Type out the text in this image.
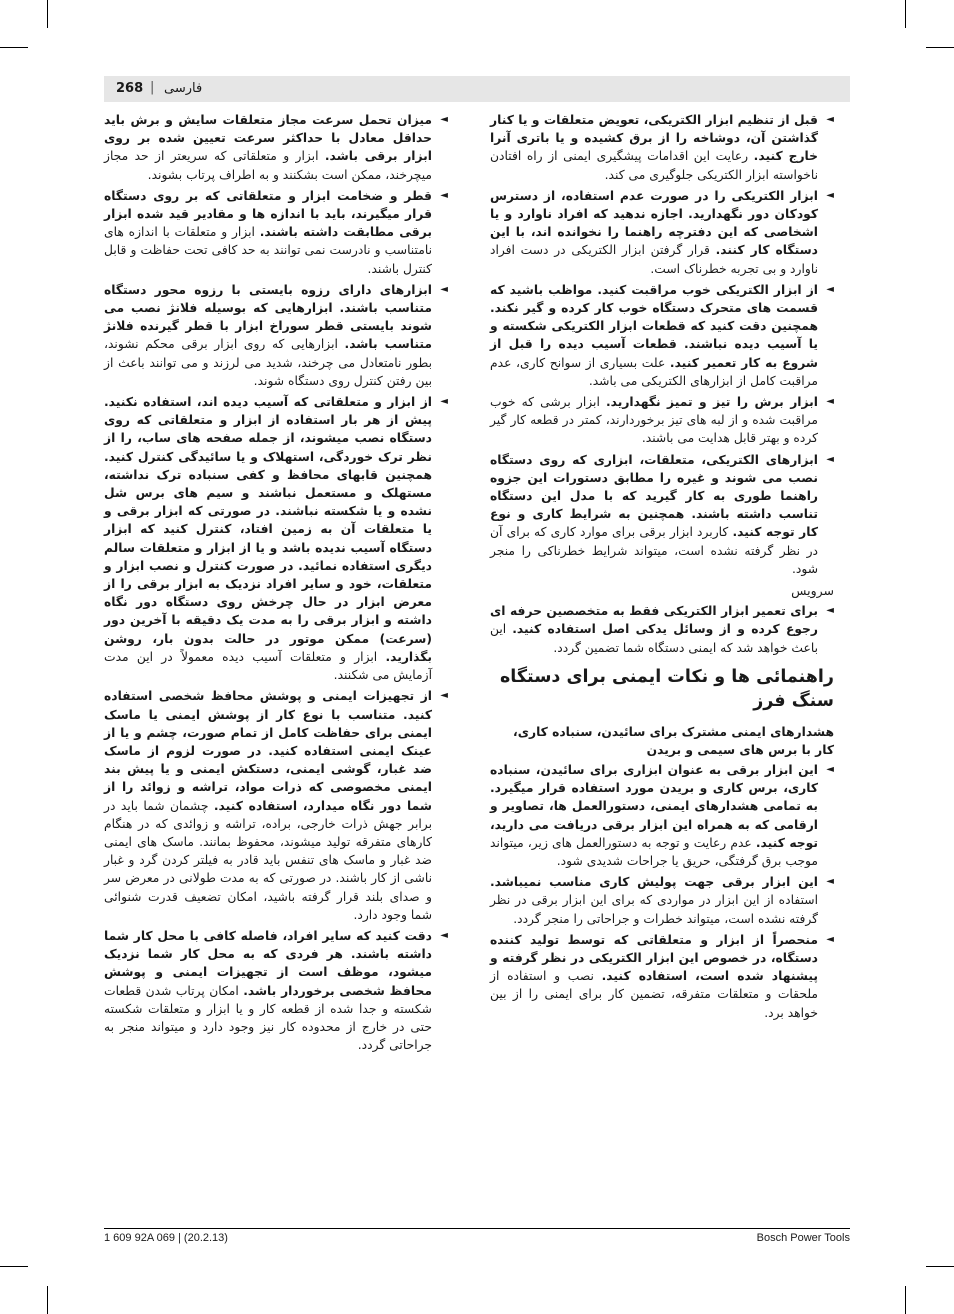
268 | فارسی
◄
قبل از تنظیم ابزار الکتریکی، تعویض متعلقات و یا کنار گذاشتن آن، دوشاخه را از برق کشیده و یا باتری آنرا خارج کنید. رعایت این اقدامات پیشگیری ایمنی از راه افتادن ناخواسته ابزار الکتریکی جلوگیری می کند.
◄
ابزار الکتریکی را در صورت عدم استفاده، از دسترس کودکان دور نگهدارید. اجازه ندهید که افراد ناوارد و یا اشخاصی که این دفترچه راهنما را نخوانده اند، با این دستگاه کار کنند. قرار گرفتن ابزار الکتریکی در دست افراد ناوارد و بی تجربه خطرناک است.
◄
از ابزار الکتریکی خوب مراقبت کنید. مواظب باشید که قسمت های متحرک دستگاه خوب کار کرده و گیر نکند. همچنین دقت کنید که قطعات ابزار الکتریکی شکسته و یا آسیب دیده نباشند. قطعات آسیب دیده را قبل از شروع به کار تعمیر کنید. علت بسیاری از سوانح کاری، عدم مراقبت کامل از ابزارهای الکتریکی می باشد.
◄
ابزار برش را تیز و تمیز نگهدارید. ابزار برشی که خوب مراقبت شده و از لبه های تیز برخوردارند، کمتر در قطعه کار گیر کرده و بهتر قابل هدایت می باشند.
◄
ابزارهای الکتریکی، متعلقات، ابزاری که روی دستگاه نصب می شوند و غیره را مطابق دستورات این جزوه راهنما طوری به کار گیرید که با مدل این دستگاه تناسب داشته باشند. همچنین به شرایط کاری و نوع کار توجه کنید. کاربرد ابزار برقی برای موارد کاری که برای آن در نظر گرفته نشده است، میتواند شرایط خطرناکی را منجر شود.
سرویس
◄
برای تعمیر ابزار الکتریکی فقط به متخصصین حرفه ای رجوع کرده و از وسائل یدکی اصل استفاده کنید. این باعث خواهد شد که ایمنی دستگاه شما تضمین گردد.
راهنمائی ها و نکات ایمنی برای دستگاه سنگ فرز
هشدارهای ایمنی مشترک برای سائیدن، سنباده کاری، کار با برس های سیمی و بریدن
◄
این ابزار برقی به عنوان ابزاری برای سائیدن، سنباده کاری، برس کاری و بریدن مورد استفاده قرار میگیرد. به تمامی هشدارهای ایمنی، دستورالعمل ها، تصاویر و ارقامی که به همراه این ابزار برقی دریافت می دارید، توجه کنید. عدم رعایت و توجه به دستورالعمل های زیر، میتواند موجب برق گرفتگی، حریق یا جراحات شدیدی شود.
◄
این ابزار برقی جهت پولیش کاری مناسب نمیباشد. استفاده از این ابزار در مواردی که برای این ابزار برقی در نظر گرفته نشده است، میتواند خطرات و جراحاتی را منجر گردد.
◄
منحصراً از ابزار و متعلقاتی که توسط تولید کننده دستگاه، در خصوص این ابزار الکتریکی در نظر گرفته و پیشنهاد شده است، استفاده کنید. نصب و استفاده از ملحقات و متعلقات متفرقه، تضمین کار برای ایمنی را از بین خواهد برد.
◄
میزان تحمل سرعت مجاز متعلقات سایش و برش باید حداقل معادل با حداکثر سرعت تعیین شده بر روی ابزار برقی باشد. ابزار و متعلقاتی که سریعتر از حد مجاز میچرخند، ممکن است بشکنند و به اطراف پرتاب بشوند.
◄
قطر و ضخامت ابزار و متعلقاتی که بر روی دستگاه قرار میگیرند، باید با اندازه ها و مقادیر قید شده ابزار برقی مطابقت داشته باشند. ابزار و متعلقات با اندازه های نامتناسب و نادرست نمی توانند به حد کافی تحت حفاظت و قابل کنترل باشند.
◄
ابزارهای دارای رزوه بایستی با رزوه محور دستگاه متناسب باشند. ابزارهایی که بوسیله فلانژ نصب می شوند بایستی قطر سوراخ ابزار با قطر گیرنده فلانژ متناسب باشد. ابزارهایی که روی ابزار برقی محکم نشوند، بطور نامتعادل می چرخند، شدید می لرزند و می توانند باعث از بین رفتن کنترل روی دستگاه شوند.
◄
از ابزار و متعلقاتی که آسیب دیده اند، استفاده نکنید. پیش از هر بار استفاده از ابزار و متعلقاتی که روی دستگاه نصب میشوند، از جمله صفحه های ساب، را از نظر ترک خوردگی، استهلاک و یا سائیدگی کنترل کنید. همچنین قابهای محافظ و کفی سنباده ترک نداشته، مستهلک و مستعمل نباشند و سیم های برس شل نشده و یا شکسته نباشند. در صورتی که ابزار برقی و یا متعلقات آن به زمین افتاد، کنترل کنید که ابزار دستگاه آسیب ندیده باشد و یا از ابزار و متعلقات سالم دیگری استفاده نمائید. در صورت کنترل و نصب ابزار و متعلقات، خود و سایر افراد نزدیک به ابزار برقی را از معرض ابزار در حال چرخش روی دستگاه دور نگاه داشته و ابزار برقی را به مدت یک دقیقه با آخرین دور (سرعت) ممکن موتور در حالت بدون بار، روشن بگذارید. ابزار و متعلقات آسیب دیده معمولاً در این مدت آزمایش می شکنند.
◄
از تجهیزات ایمنی و پوشش محافظ شخصی استفاده کنید. متناسب با نوع کار از پوشش ایمنی یا ماسک ایمنی برای حفاظت کامل از تمام صورت، چشم و یا از عینک ایمنی استفاده کنید. در صورت لزوم از ماسک ضد غبار، گوشی ایمنی، دستکش ایمنی و یا پیش بند ایمنی مخصوصی که ذرات مواد، تراشه و زوائد را از شما دور نگاه میدارد، استفاده کنید. چشمان شما باید در برابر جهش ذرات خارجی، براده، تراشه و زوائدی که در هنگام کارهای متفرقه تولید میشوند، محفوظ بمانند. ماسک های ایمنی ضد غبار و ماسک های تنفس باید قادر به فیلتر کردن گرد و غبار ناشی از کار باشند. در صورتی که به مدت طولانی در معرض سر و صدای بلند قرار گرفته باشید، امکان تضعیف قدرت شنوائی شما وجود دارد.
◄
دقت کنید که سایر افراد، فاصله کافی با محل کار شما داشته باشند. هر فردی که به محل کار شما نزدیک میشود، موظف است از تجهیزات ایمنی و پوشش محافظ شخصی برخوردار باشد. امکان پرتاب شدن قطعات شکسته و جدا شده از قطعه کار و یا ابزار و متعلقات شکسته حتی در خارج از محدوده کار نیز وجود دارد و میتواند منجر به جراحاتی گردد.
1 609 92A 069 | (20.2.13)	Bosch Power Tools
